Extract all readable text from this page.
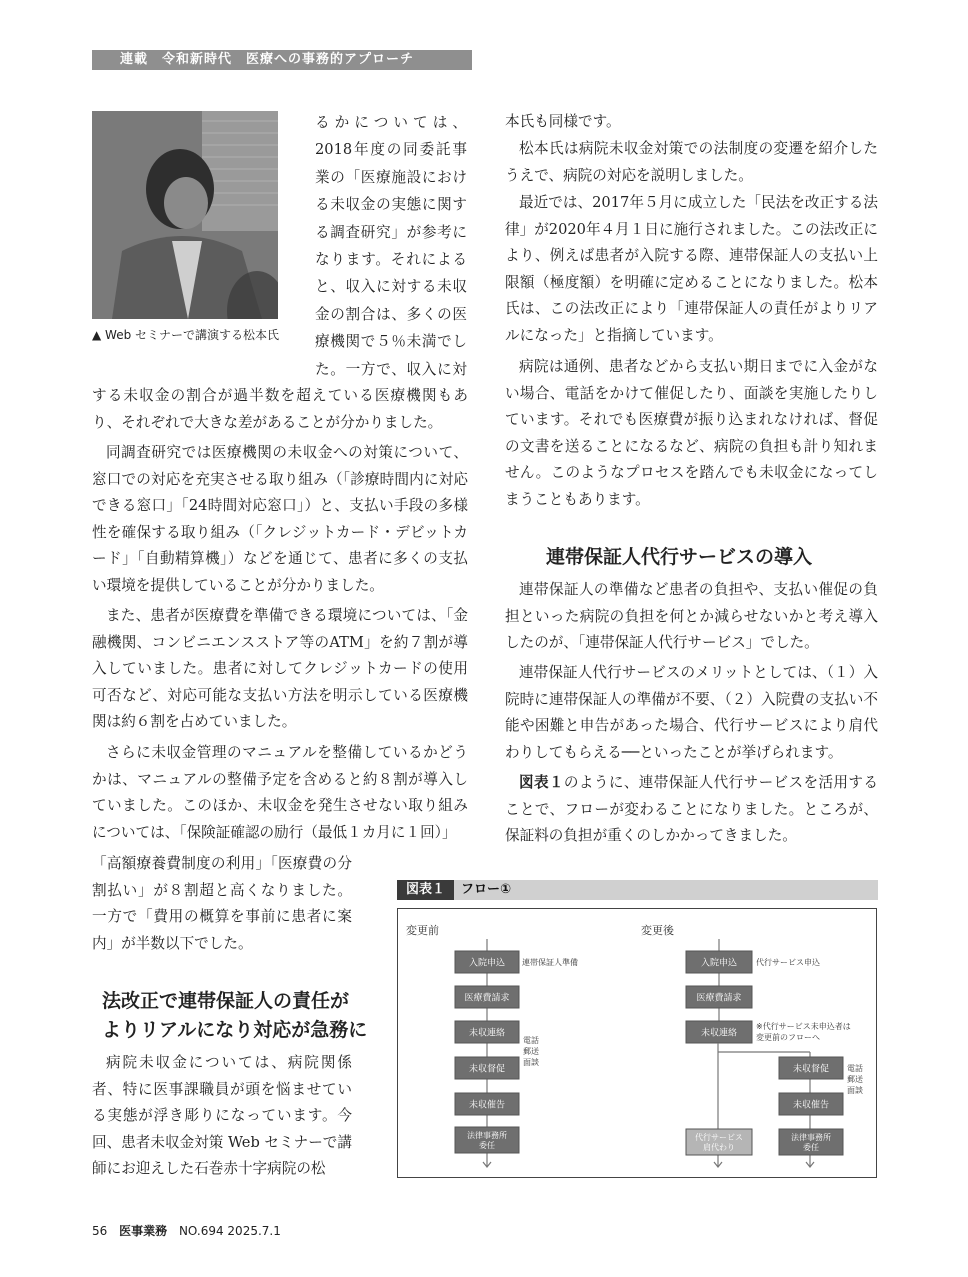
連載　令和新時代　医療への事務的アプローチ
▲ Web セミナーで講演する松本氏
るかについては、
2018年度の同委託事
業の「医療施設におけ
る未収金の実態に関す
る調査研究」が参考に
なります。それによる
と、収入に対する未収
金の割合は、多くの医
療機関で５％未満でし
た。一方で、収入に対

する未収金の割合が過半数を超えている医療機関もあり、それぞれで大きな差があることが分かりました。

同調査研究では医療機関の未収金への対策について、窓口での対応を充実させる取り組み（「診療時間内に対応できる窓口」「24時間対応窓口」）と、支払い手段の多様性を確保する取り組み（「クレジットカード・デビットカード」「自動精算機」）などを通じて、患者に多くの支払い環境を提供していることが分かりました。

また、患者が医療費を準備できる環境については、「金融機関、コンビニエンスストア等のATM」を約７割が導入していました。患者に対してクレジットカードの使用可否など、対応可能な支払い方法を明示している医療機関は約６割を占めていました。

さらに未収金管理のマニュアルを整備しているかどうかは、マニュアルの整備予定を含めると約８割が導入していました。このほか、未収金を発生させない取り組みについては、「保険証確認の励行（最低１カ月に１回）」

「高額療養費制度の利用」「医療費の分割払い」が８割超と高くなりました。一方で「費用の概算を事前に患者に案内」が半数以下でした。

法改正で連帯保証人の責任が
よりリアルになり対応が急務に

病院未収金については、病院関係者、特に医事課職員が頭を悩ませている実態が浮き彫りになっています。今回、患者未収金対策 Web セミナーで講師にお迎えした石巻赤十字病院の松

本氏も同様です。

松本氏は病院未収金対策での法制度の変遷を紹介したうえで、病院の対応を説明しました。

最近では、2017年５月に成立した「民法を改正する法律」が2020年４月１日に施行されました。この法改正により、例えば患者が入院する際、連帯保証人の支払い上限額（極度額）を明確に定めることになりました。松本氏は、この法改正により「連帯保証人の責任がよりリアルになった」と指摘しています。

病院は通例、患者などから支払い期日までに入金がない場合、電話をかけて催促したり、面談を実施したりしています。それでも医療費が振り込まれなければ、督促の文書を送ることになるなど、病院の負担も計り知れません。このようなプロセスを踏んでも未収金になってしまうこともあります。

連帯保証人代行サービスの導入

連帯保証人の準備など患者の負担や、支払い催促の負担といった病院の負担を何とか減らせないかと考え導入したのが、「連帯保証人代行サービス」でした。

連帯保証人代行サービスのメリットとしては、（１）入院時に連帯保証人の準備が不要、（２）入院費の支払い不能や困難と申告があった場合、代行サービスにより肩代わりしてもらえる──といったことが挙げられます。

図表１のように、連帯保証人代行サービスを活用することで、フローが変わることになりました。ところが、保証料の負担が重くのしかかってきました。

図表１	フロー①
変更前	変更後
入院申込
医療費請求
未収連絡
未収督促
未収催告
法律事務所
委任
連帯保証人準備
電話
郵送
面談
入院申込
医療費請求
未収連絡
代行サービス申込
※代行サービス未申込者は
変更前のフローへ
代行サービス
肩代わり
未収督促
未収催告
法律事務所
委任
電話
郵送
面談
56 医事業務 NO.694 2025.7.1
